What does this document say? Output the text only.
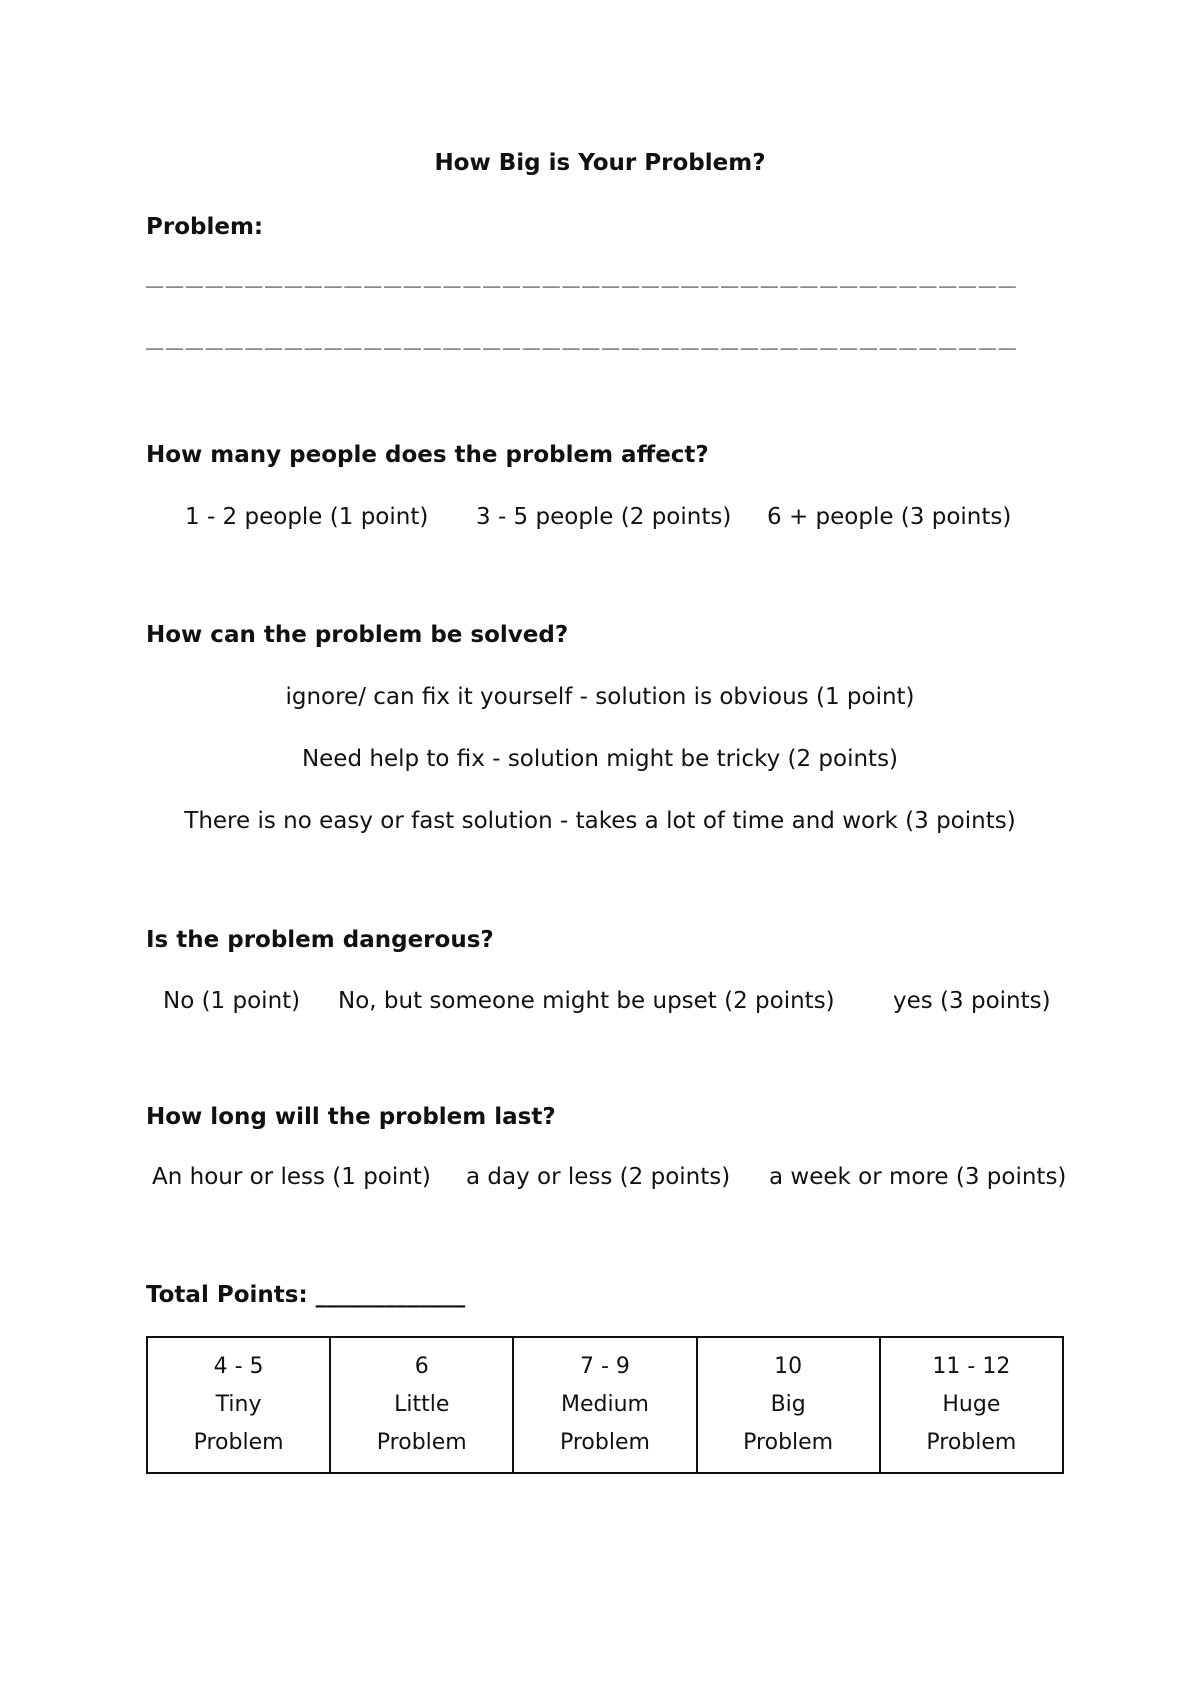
How Big is Your Problem?
Problem:
____________________________________________
____________________________________________
How many people does the problem affect?
1 - 2 people (1 point) 3 - 5 people (2 points) 6 + people (3 points)
How can the problem be solved?
ignore/ can fix it yourself - solution is obvious (1 point)
Need help to fix - solution might be tricky (2 points)
There is no easy or fast solution - takes a lot of time and work (3 points)
Is the problem dangerous?
No (1 point) No, but someone might be upset (2 points)	yes (3 points)
How long will the problem last?
An hour or less (1 point) a day or less (2 points) a week or more (3 points)
Total Points: _____________
4 - 5
Tiny
Problem

6
Little
Problem

7 - 9
Medium
Problem

10
Big
Problem

11 - 12
Huge
Problem
